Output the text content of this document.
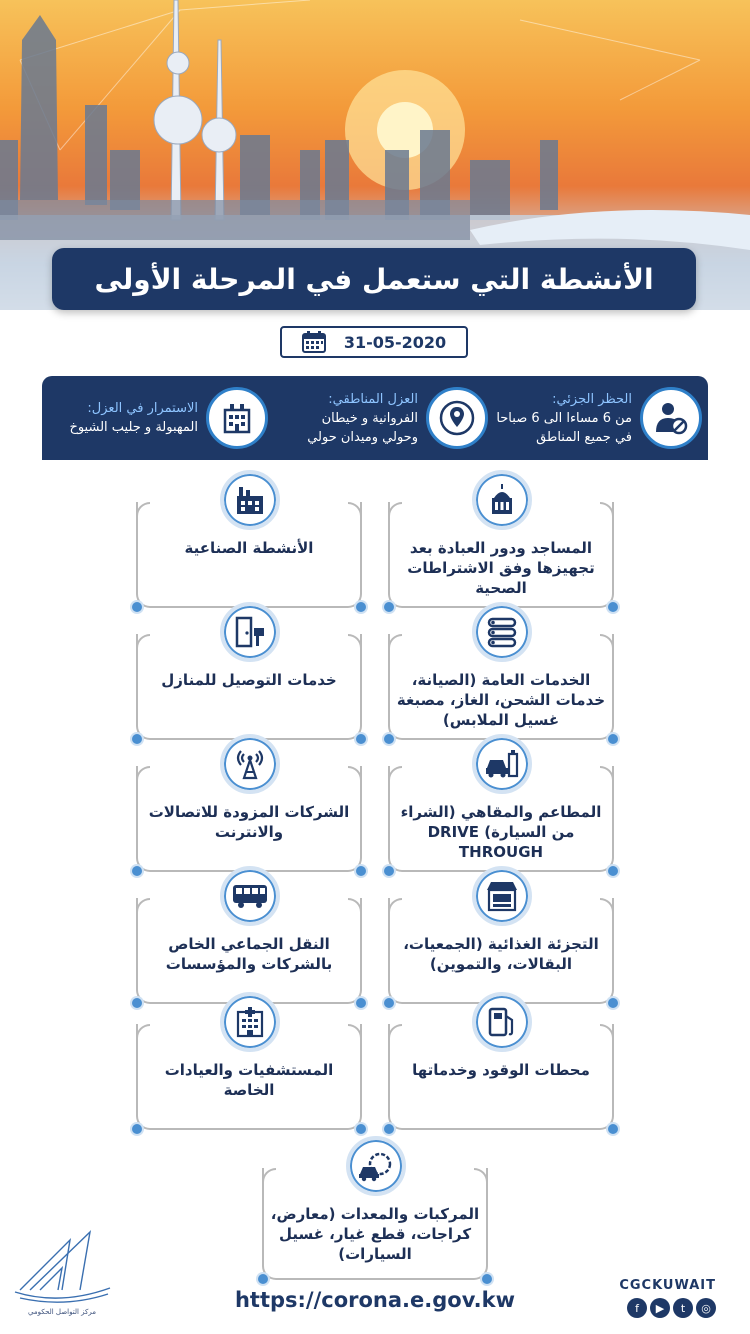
الأنشطة التي ستعمل في المرحلة الأولى
31-05-2020
الحظر الجزئي:
من 6 مساءا الى 6 صباحا
في جميع المناطق
العزل المناطقي:
الفروانية و خيطان
وحولي وميدان حولي
الاستمرار في العزل:
المهبولة و جليب الشيوخ
المساجد ودور العبادة بعد تجهيزها وفق الاشتراطات الصحية
الأنشطة الصناعية
الخدمات العامة (الصيانة، خدمات الشحن، الغاز، مصبغة غسيل الملابس)
خدمات التوصيل للمنازل
المطاعم والمقاهي (الشراء من السيارة) DRIVE THROUGH
الشركات المزودة للاتصالات والانترنت
التجزئة الغذائية (الجمعيات، البقالات، والتموين)
النقل الجماعي الخاص بالشركات والمؤسسات
محطات الوقود وخدماتها
المستشفيات والعيادات الخاصة
المركبات والمعدات (معارض، كراجات، قطع غيار، غسيل السيارات)
مركز التواصل الحكومي	https://corona.e.gov.kw
CGCKUWAIT
f	▶	t	◎
